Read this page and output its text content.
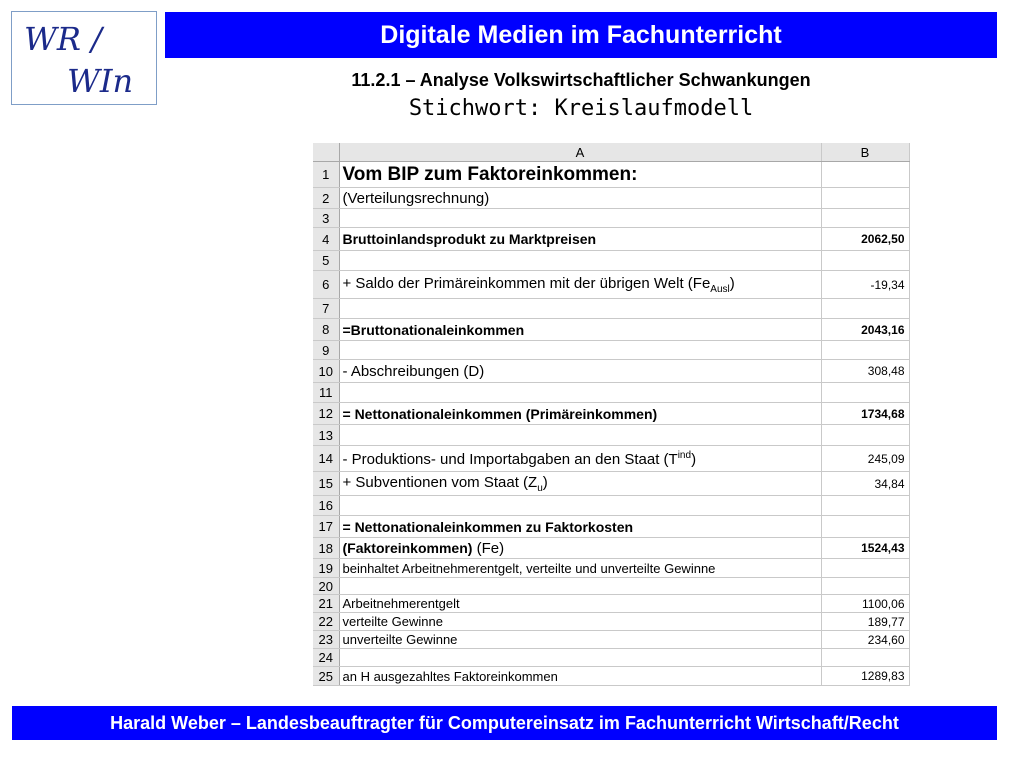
WR /
WIn
Digitale Medien im Fachunterricht
11.2.1 – Analyse Volkswirtschaftlicher Schwankungen
Stichwort: Kreislaufmodell
	A	B
1	Vom BIP zum Faktoreinkommen:	
2	(Verteilungsrechnung)	
3		
4	Bruttoinlandsprodukt zu Marktpreisen	2062,50
5		
6	+ Saldo der Primäreinkommen mit der übrigen Welt $(Fe_{Ausl})$	-19,34
7		
8	=Bruttonationaleinkommen	2043,16
9		
10	- Abschreibungen (D)	308,48
11		
12	= Nettonationaleinkommen (Primäreinkommen)	1734,68
13		
14	- Produktions- und Importabgaben an den Staat $(T^{ind})$	245,09
15	+ Subventionen vom Staat $(Z_u)$	34,84
16		
17	= Nettonationaleinkommen zu Faktorkosten	
18	(Faktoreinkommen) (Fe)	1524,43
19	beinhaltet Arbeitnehmerentgelt, verteilte und unverteilte Gewinne	
20		
21	Arbeitnehmerentgelt	1100,06
22	verteilte Gewinne	189,77
23	unverteilte Gewinne	234,60
24		
25	an H ausgezahltes Faktoreinkommen	1289,83
Harald Weber – Landesbeauftragter für Computereinsatz im Fachunterricht Wirtschaft/Recht
